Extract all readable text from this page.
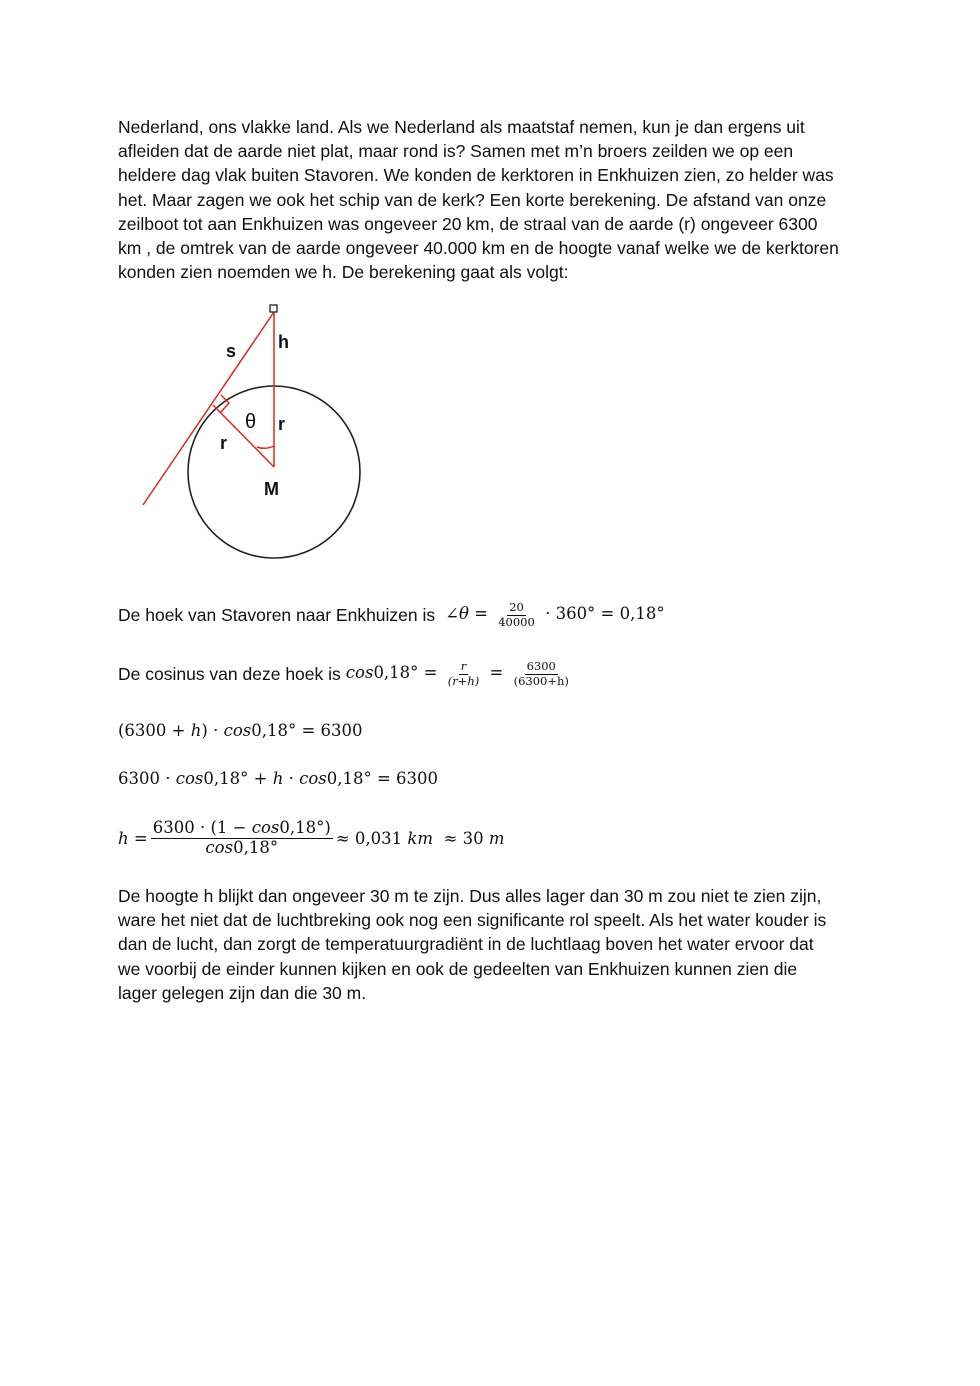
Nederland, ons vlakke land. Als we Nederland als maatstaf nemen, kun je dan ergens uit
afleiden dat de aarde niet plat, maar rond is? Samen met m’n broers zeilden we op een
heldere dag vlak buiten Stavoren. We konden de kerktoren in Enkhuizen zien, zo helder was
het. Maar zagen we ook het schip van de kerk? Een korte berekening. De afstand van onze
zeilboot tot aan Enkhuizen was ongeveer 20 km, de straal van de aarde (r) ongeveer 6300
km , de omtrek van de aarde ongeveer 40.000 km en de hoogte vanaf welke we de kerktoren
konden zien noemden we h. De berekening gaat als volgt:

s h
θ r
r
M
De hoek van Stavoren naar Enkhuizen is ∠θ = $\frac{20}{40000} \cdot 360^\circ = 0,18^\circ$
De cosinus van deze hoek is $\cos 0,18^\circ = \frac{r}{(r+h)} = \frac{6300}{(6300+h)}$
(6300 +
h ) ·
cos 0,18° = 6300
6300 ·
cos 0,18° +
h
·
cos 0,18° = 6300
h
= $\frac{6300 \cdot (1 - \cos 0,18^\circ)}{\cos 0,18^\circ} \approx 0,031$
km
≈ 30
m

De hoogte h blijkt dan ongeveer 30 m te zijn. Dus alles lager dan 30 m zou niet te zien zijn,
ware het niet dat de luchtbreking ook nog een significante rol speelt. Als het water kouder is
dan de lucht, dan zorgt de temperatuurgradiënt in de luchtlaag boven het water ervoor dat
we voorbij de einder kunnen kijken en ook de gedeelten van Enkhuizen kunnen zien die
lager gelegen zijn dan die 30 m.
